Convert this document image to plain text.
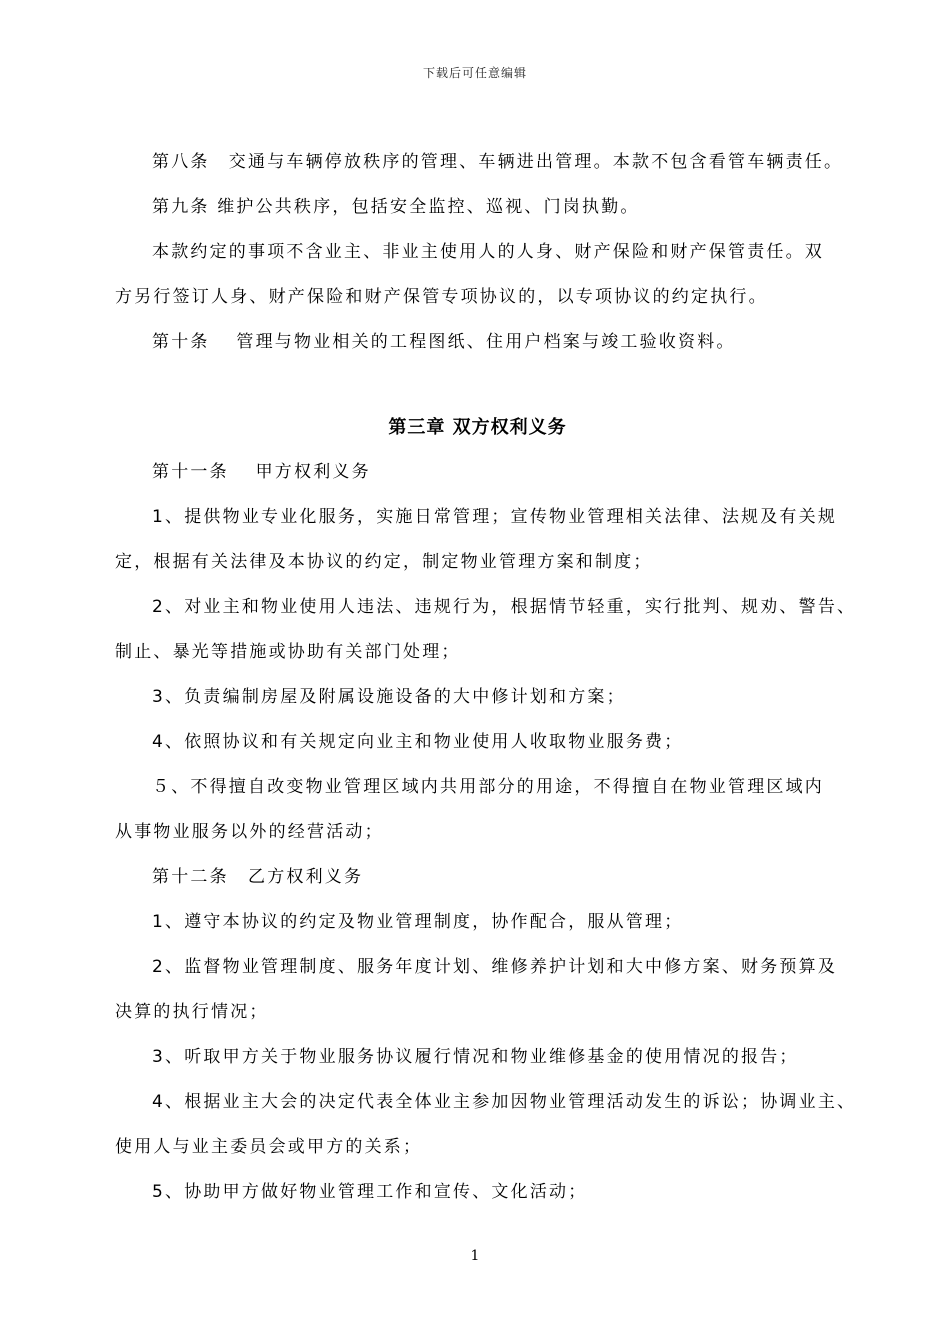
下载后可任意编辑
第八条　交通与车辆停放秩序的管理、车辆进出管理。本款不包含看管车辆责任。
第九条 维护公共秩序，包括安全监控、巡视、门岗执勤。
本款约定的事项不含业主、非业主使用人的人身、财产保险和财产保管责任。双
方另行签订人身、财产保险和财产保管专项协议的，以专项协议的约定执行。
第十条　 管理与物业相关的工程图纸、住用户档案与竣工验收资料。
第三章 双方权利义务
第十一条　 甲方权利义务
1、提供物业专业化服务，实施日常管理；宣传物业管理相关法律、法规及有关规
定，根据有关法律及本协议的约定，制定物业管理方案和制度；
2、对业主和物业使用人违法、违规行为，根据情节轻重，实行批判、规劝、警告、
制止、暴光等措施或协助有关部门处理；
3、负责编制房屋及附属设施设备的大中修计划和方案；
4、依照协议和有关规定向业主和物业使用人收取物业服务费；
５、不得擅自改变物业管理区域内共用部分的用途，不得擅自在物业管理区域内
从事物业服务以外的经营活动；
第十二条　乙方权利义务
1、遵守本协议的约定及物业管理制度，协作配合，服从管理；
2、监督物业管理制度、服务年度计划、维修养护计划和大中修方案、财务预算及
决算的执行情况；
3、听取甲方关于物业服务协议履行情况和物业维修基金的使用情况的报告；
4、根据业主大会的决定代表全体业主参加因物业管理活动发生的诉讼；协调业主、
使用人与业主委员会或甲方的关系；
5、协助甲方做好物业管理工作和宣传、文化活动；
1
